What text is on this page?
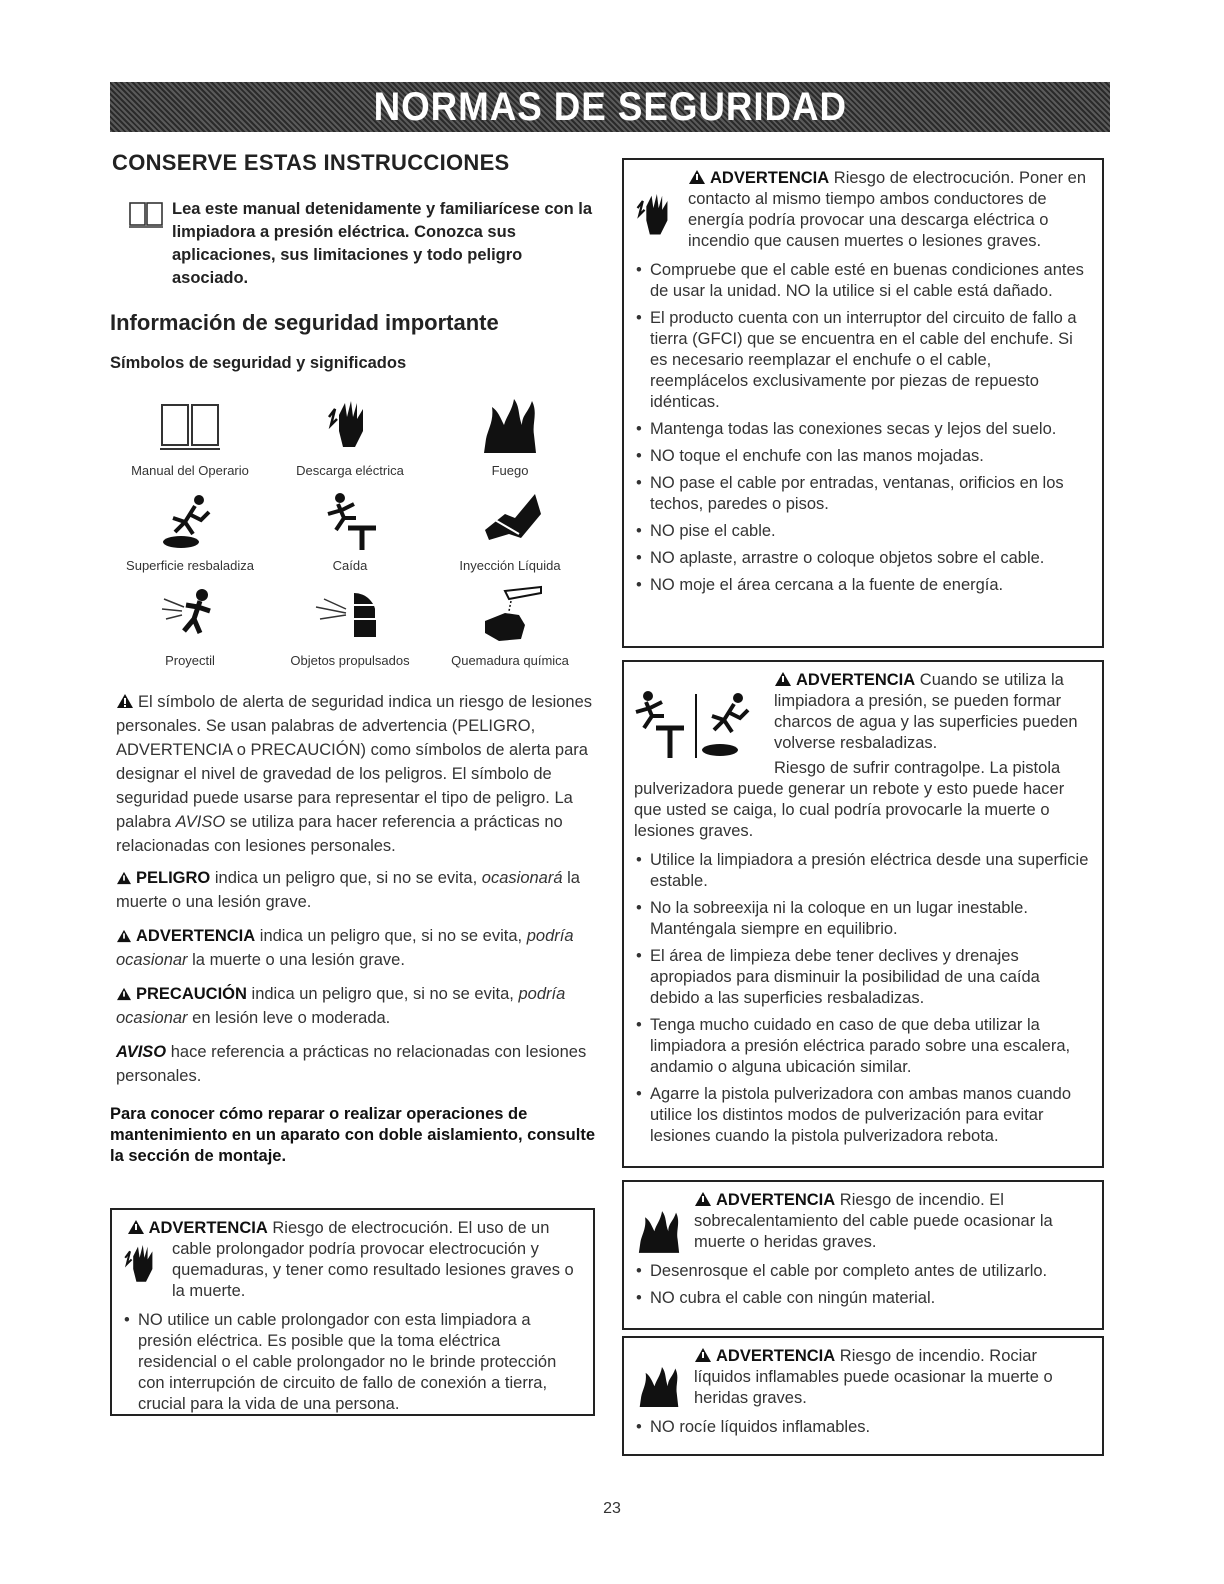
NORMAS DE SEGURIDAD
CONSERVE ESTAS INSTRUCCIONES
Lea este manual detenidamente y familiarícese con la limpiadora a presión eléctrica. Conozca sus aplicaciones, sus limitaciones y todo peligro asociado.
Información de seguridad importante
Símbolos de seguridad y significados
Manual del Operario	Descarga eléctrica	Fuego
Superficie resbaladiza	Caída	Inyección Líquida
Proyectil	Objetos propulsados	Quemadura química
El símbolo de alerta de seguridad indica un riesgo de lesiones personales. Se usan palabras de advertencia (PELIGRO, ADVERTENCIA o PRECAUCIÓN) como símbolos de alerta para designar el nivel de gravedad de los peligros. El símbolo de seguridad puede usarse para representar el tipo de peligro. La palabra AVISO se utiliza para hacer referencia a prácticas no relacionadas con lesiones personales.

PELIGRO indica un peligro que, si no se evita, ocasionará la muerte o una lesión grave.

ADVERTENCIA indica un peligro que, si no se evita, podría ocasionar la muerte o una lesión grave.

PRECAUCIÓN indica un peligro que, si no se evita, podría ocasionar en lesión leve o moderada.

AVISO hace referencia a prácticas no relacionadas con lesiones personales.

Para conocer cómo reparar o realizar operaciones de mantenimiento en un aparato con doble aislamiento, consulte la sección de montaje.
ADVERTENCIA Riesgo de electrocución. El uso de un cable prolongador podría provocar electrocución y quemaduras, y tener como resultado lesiones graves o la muerte.
• NO utilice un cable prolongador con esta limpiadora a presión eléctrica. Es posible que la toma eléctrica residencial o el cable prolongador no le brinde protección con interrupción de circuito de fallo de conexión a tierra, crucial para la vida de una persona.
ADVERTENCIA Riesgo de electrocución. Poner en contacto al mismo tiempo ambos conductores de energía podría provocar una descarga eléctrica o incendio que causen muertes o lesiones graves.
• Compruebe que el cable esté en buenas condiciones antes de usar la unidad. NO la utilice si el cable está dañado.
• El producto cuenta con un interruptor del circuito de fallo a tierra (GFCI) que se encuentra en el cable del enchufe. Si es necesario reemplazar el enchufe o el cable, reemplácelos exclusivamente por piezas de repuesto idénticas.
• Mantenga todas las conexiones secas y lejos del suelo.
• NO toque el enchufe con las manos mojadas.
• NO pase el cable por entradas, ventanas, orificios en los techos, paredes o pisos.
• NO pise el cable.
• NO aplaste, arrastre o coloque objetos sobre el cable.
• NO moje el área cercana a la fuente de energía.
ADVERTENCIA Cuando se utiliza la limpiadora a presión, se pueden formar charcos de agua y las superficies pueden volverse resbaladizas.

Riesgo de sufrir contragolpe. La pistola pulverizadora puede generar un rebote y esto puede hacer que usted se caiga, lo cual podría provocarle la muerte o lesiones graves.

• Utilice la limpiadora a presión eléctrica desde una superficie estable.
• No la sobreexija ni la coloque en un lugar inestable. Manténgala siempre en equilibrio.
• El área de limpieza debe tener declives y drenajes apropiados para disminuir la posibilidad de una caída debido a las superficies resbaladizas.
• Tenga mucho cuidado en caso de que deba utilizar la limpiadora a presión eléctrica parado sobre una escalera, andamio o alguna ubicación similar.
• Agarre la pistola pulverizadora con ambas manos cuando utilice los distintos modos de pulverización para evitar lesiones cuando la pistola pulverizadora rebota.
ADVERTENCIA Riesgo de incendio. El sobrecalentamiento del cable puede ocasionar la muerte o heridas graves.
• Desenrosque el cable por completo antes de utilizarlo.
• NO cubra el cable con ningún material.
ADVERTENCIA Riesgo de incendio. Rociar líquidos inflamables puede ocasionar la muerte o heridas graves.
• NO rocíe líquidos inflamables.
23
